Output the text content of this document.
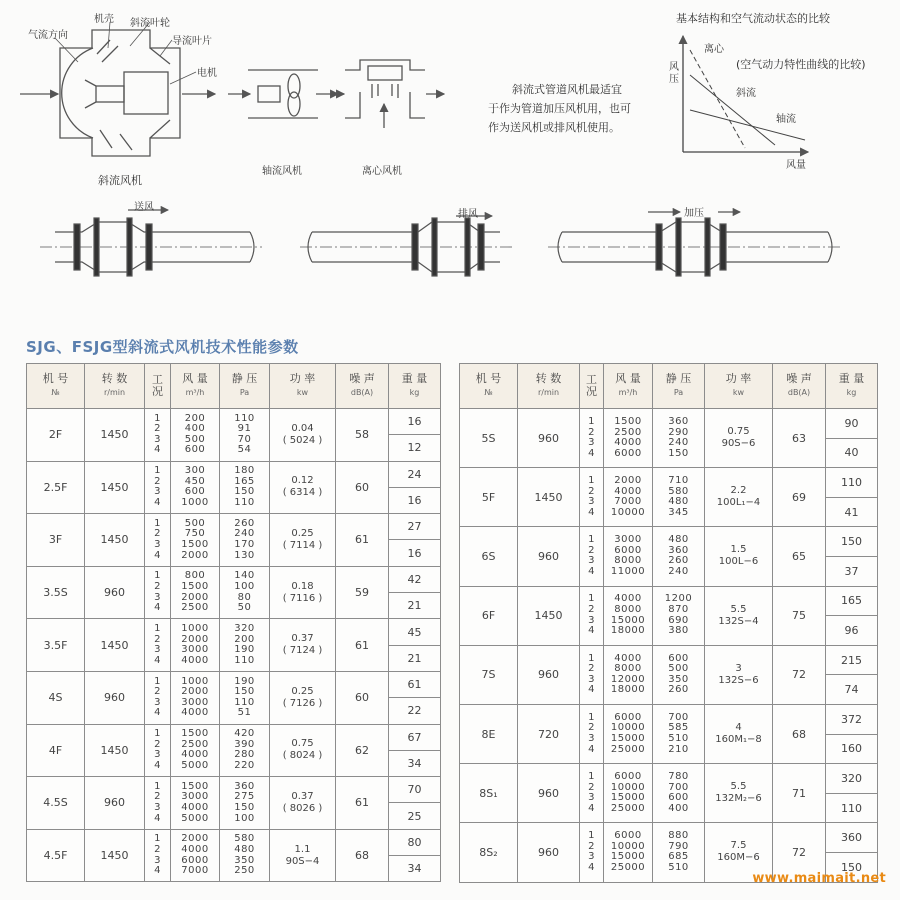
气流方向
机壳 斜流叶轮
导流叶片
电机
斜流风机
轴流风机	离心风机
斜流式管道风机最适宜
于作为管道加压风机用，也可
作为送风机或排风机使用。
基本结构和空气流动状态的比较
(空气动力特性曲线的比较)
风压
风量
离心
斜流
轴流
送风
排风	加压
SJG、FSJG型斜流式风机技术性能参数
机 号
№	转 数
r/min	工
况	风 量
m³/h	静 压
Pa	功 率
kw	噪 声
dB(A)	重 量
kg

2F	1450	1
2
3
4	200
400
500
600	110
91
70
54	0.04
( 5024 )	58	16
							12
2.5F	1450	1
2
3
4	300
450
600
1000	180
165
150
110	0.12
( 6314 )	60	24
							16
3F	1450	1
2
3
4	500
750
1500
2000	260
240
170
130	0.25
( 7114 )	61	27
							16
3.5S	960	1
2
3
4	800
1500
2000
2500	140
100
80
50	0.18
( 7116 )	59	42
							21
3.5F	1450	1
2
3
4	1000
2000
3000
4000	320
200
190
110	0.37
( 7124 )	61	45
							21
4S	960	1
2
3
4	1000
2000
3000
4000	190
150
110
51	0.25
( 7126 )	60	61
							22
4F	1450	1
2
3
4	1500
2500
4000
5000	420
390
280
220	0.75
( 8024 )	62	67
							34
4.5S	960	1
2
3
4	1500
3000
4000
5000	360
275
150
100	0.37
( 8026 )	61	70
							25
4.5F	1450	1
2
3
4	2000
4000
6000
7000	580
480
350
250	1.1
90S−4	68	80
							34
机 号
№	转 数
r/min	工
况	风 量
m³/h	静 压
Pa	功 率
kw	噪 声
dB(A)	重 量
kg

5S	960	1
2
3
4	1500
2500
4000
6000	360
290
240
150	0.75
90S−6	63	90
							40
5F	1450	1
2
3
4	2000
4000
7000
10000	710
580
480
345	2.2
100L₁−4	69	110
							41
6S	960	1
2
3
4	3000
6000
8000
11000	480
360
260
240	1.5
100L−6	65	150
							37
6F	1450	1
2
3
4	4000
8000
15000
18000	1200
870
690
380	5.5
132S−4	75	165
							96
7S	960	1
2
3
4	4000
8000
12000
18000	600
500
350
260	3
132S−6	72	215
							74
8E	720	1
2
3
4	6000
10000
15000
25000	700
585
510
210	4
160M₁−8	68	372
							160
8S₁	960	1
2
3
4	6000
10000
15000
25000	780
700
600
400	5.5
132M₂−6	71	320
							110
8S₂	960	1
2
3
4	6000
10000
15000
25000	880
790
685
510	7.5
160M−6	72	360
							150
www.maimait.net
